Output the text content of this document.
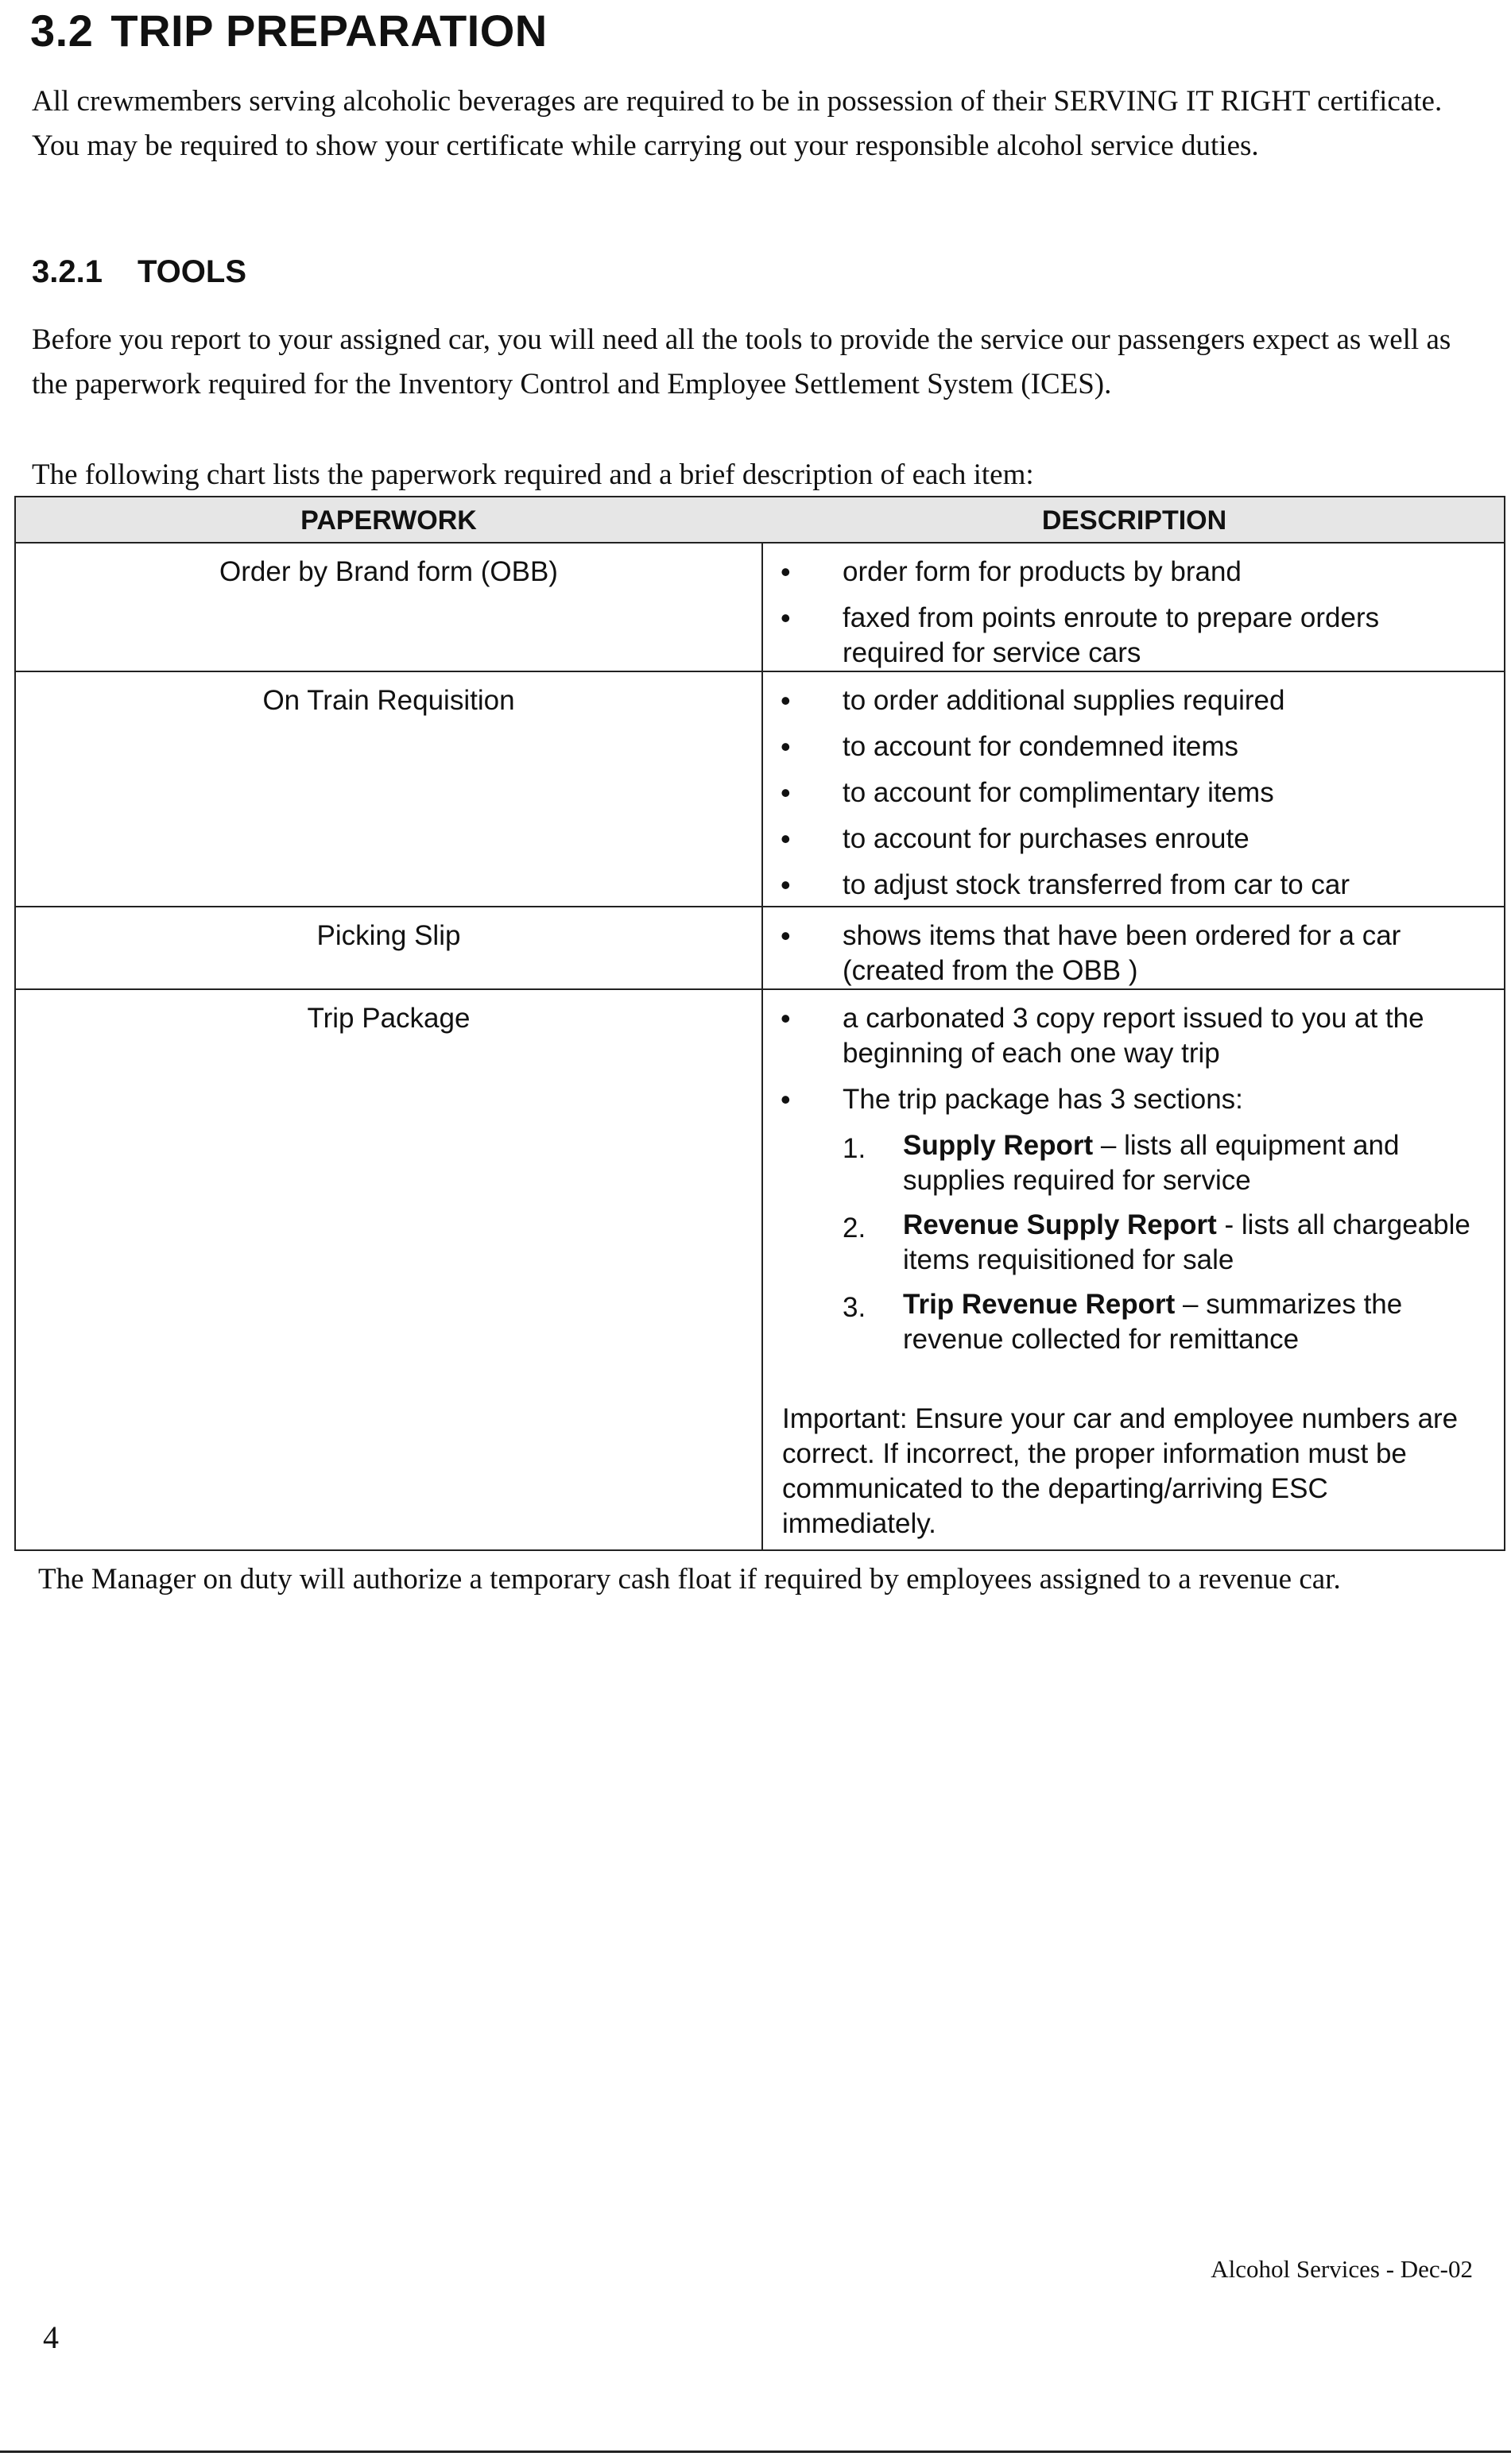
3.2 TRIP PREPARATION

All crewmembers serving alcoholic beverages are required to be in possession of their SERVING IT RIGHT certificate. You may be required to show your certificate while carrying out your responsible alcohol service duties.

3.2.1 TOOLS

Before you report to your assigned car, you will need all the tools to provide the service our passengers expect as well as the paperwork required for the Inventory Control and Employee Settlement System (ICES).

The following chart lists the paperwork required and a brief description of each item:

PAPERWORK	DESCRIPTION
Order by Brand form (OBB)	• order form for products by brand
• faxed from points enroute to prepare orders required for service cars
On Train Requisition	• to order additional supplies required
• to account for condemned items
• to account for complimentary items
• to account for purchases enroute
• to adjust stock transferred from car to car
Picking Slip	• shows items that have been ordered for a car (created from the OBB )
Trip Package	• a carbonated 3 copy report issued to you at the beginning of each one way trip
• The trip package has 3 sections:
1. Supply Report – lists all equipment and supplies required for service
2. Revenue Supply Report - lists all chargeable items requisitioned for sale
3. Trip Revenue Report – summarizes the revenue collected for remittance
Important: Ensure your car and employee numbers are correct. If incorrect, the proper information must be communicated to the departing/arriving ESC immediately.

The Manager on duty will authorize a temporary cash float if required by employees assigned to a revenue car.

Alcohol Services - Dec-02
4
